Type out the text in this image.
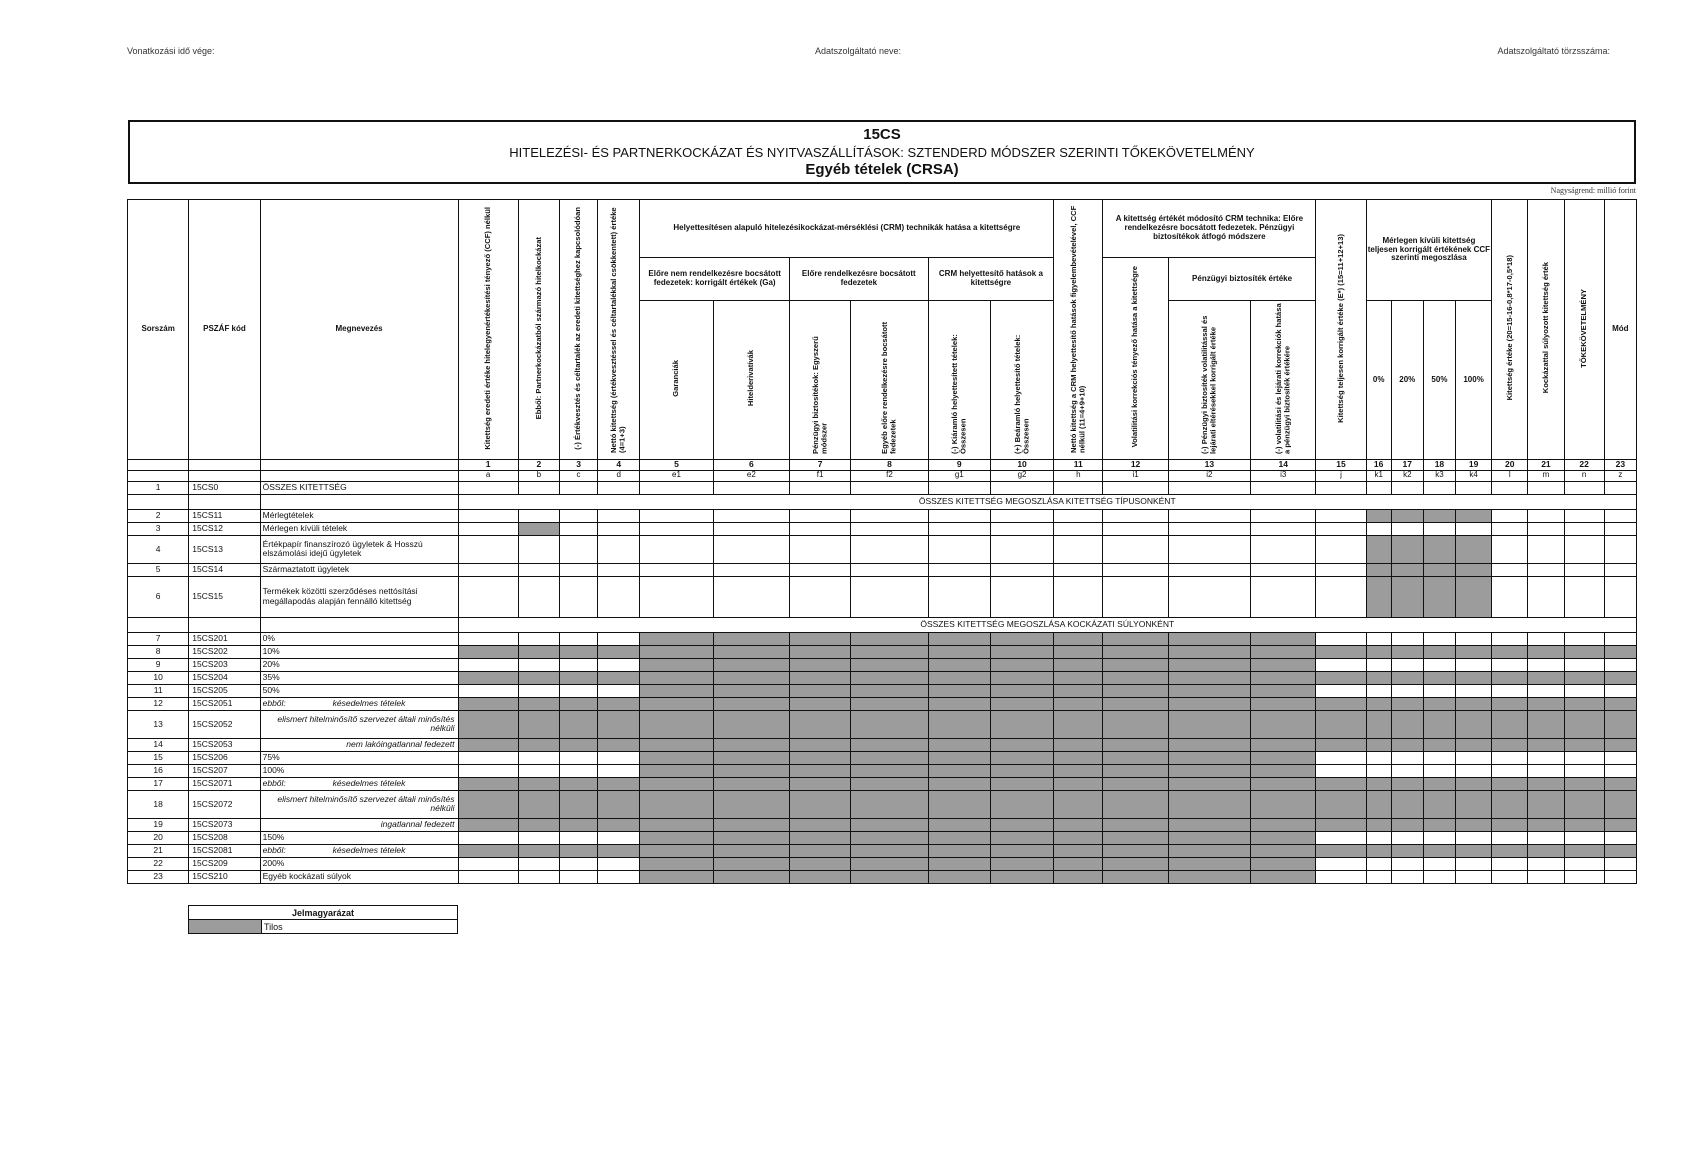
Vonatkozási idő vége:	Adatszolgáltató neve:	Adatszolgáltató törzsszáma:
15CS
HITELEZÉSI- ÉS PARTNERKOCKÁZAT ÉS NYITVASZÁLLÍTÁSOK: SZTENDERD MÓDSZER SZERINTI TŐKEKÖVETELMÉNY
Egyéb tételek (CRSA)
Nagyságrend: millió forint
Sorszám	PSZÁF kód	Megnevezés	Kitettség eredeti értéke hitelegyenértékesítési tényező (CCF) nélkül	Ebből: Partnerkockázatból származó hitelkockázat	(-) Értékvesztés és céltartalék az eredeti kitettséghez kapcsolódóan	Nettó kitettség (értékvesztéssel és céltartalékkal csökkentett) értéke (4=1+3)	Helyettesítésen alapuló hitelezésikockázat-mérséklési (CRM) technikák hatása a kitettségre						Nettó kitettség a CRM helyettesítő hatások figyelembevételével, CCF nélkül (11=4+9+10)	A kitettség értékét módosító CRM technika: Előre rendelkezésre bocsátott fedezetek. Pénzügyi biztosítékok átfogó módszere			Kitettség teljesen korrigált értéke (E*) (15=11+12+13)	Mérlegen kívüli kitettség teljesen korrigált értékének CCF szerinti megoszlása				Kitettség értéke (20=15-16-0,8*17-0,5*18)	Kockázattal súlyozott kitettség érték	TŐKEKÖVETELMÉNY	Mód
							Előre nem rendelkezésre bocsátott fedezetek: korrigált értékek (Ga)		Előre rendelkezésre bocsátott fedezetek		CRM helyettesítő hatások a kitettségre			Volatilitási korrekciós tényező hatása a kitettségre	Pénzügyi biztosíték értéke										
							Garanciák	Hitelderivatívák	Pénzügyi biztosítékok: Egyszerű módszer	Egyéb előre rendelkezésre bocsátott fedezetek	(-) Kiáramló helyettesített tételek: Összesen	(+) Beáramló helyettesítő tételek: Összesen			(-) Pénzügyi biztosíték volatilitással és lejárati eltérésekkel korrigált értéke	(-) volatilitási és lejárati korrekciók hatása a pénzügyi biztosíték értékére		0%	20%	50%	100%				
			1	2	3	4	5	6	7	8	9	10	11	12	13	14	15	16	17	18	19	20	21	22	23
			a	b	c	d	e1	e2	f1	f2	g1	g2	h	i1	i2	i3	j	k1	k2	k3	k4	l	m	n	z
1	15CS0	ÖSSZES KITETTSÉG																							
			ÖSSZES KITETTSÉG MEGOSZLÁSA KITETTSÉG TÍPUSONKÉNT																						
2	15CS11	Mérlegtételek																							
3	15CS12	Mérlegen kívüli tételek																							
4	15CS13	Értékpapír finanszírozó ügyletek & Hosszú elszámolási idejű ügyletek																							
5	15CS14	Származtatott ügyletek																							
6	15CS15	Termékek közötti szerződéses nettósítási megállapodás alapján fennálló kitettség																							
			ÖSSZES KITETTSÉG MEGOSZLÁSA KOCKÁZATI SÚLYONKÉNT																						
7	15CS201	0%																							
8	15CS202	10%																							
9	15CS203	20%																							
10	15CS204	35%																							
11	15CS205	50%																							
12	15CS2051	ebből: késedelmes tételek																							

13	15CS2052	elismert hitelminősítő szervezet általi minősítés nélküli																							
14	15CS2053	nem lakóingatlannal fedezett																							
15	15CS206	75%																							
16	15CS207	100%																							
17	15CS2071	ebből: késedelmes tételek																							

18	15CS2072	elismert hitelminősítő szervezet általi minősítés nélküli																							
19	15CS2073	ingatlannal fedezett																							
20	15CS208	150%																							
21	15CS2081	ebből: késedelmes tételek																							

22	15CS209	200%																							
23	15CS210	Egyéb kockázati súlyok																							
Jelmagyarázat
	Tilos
